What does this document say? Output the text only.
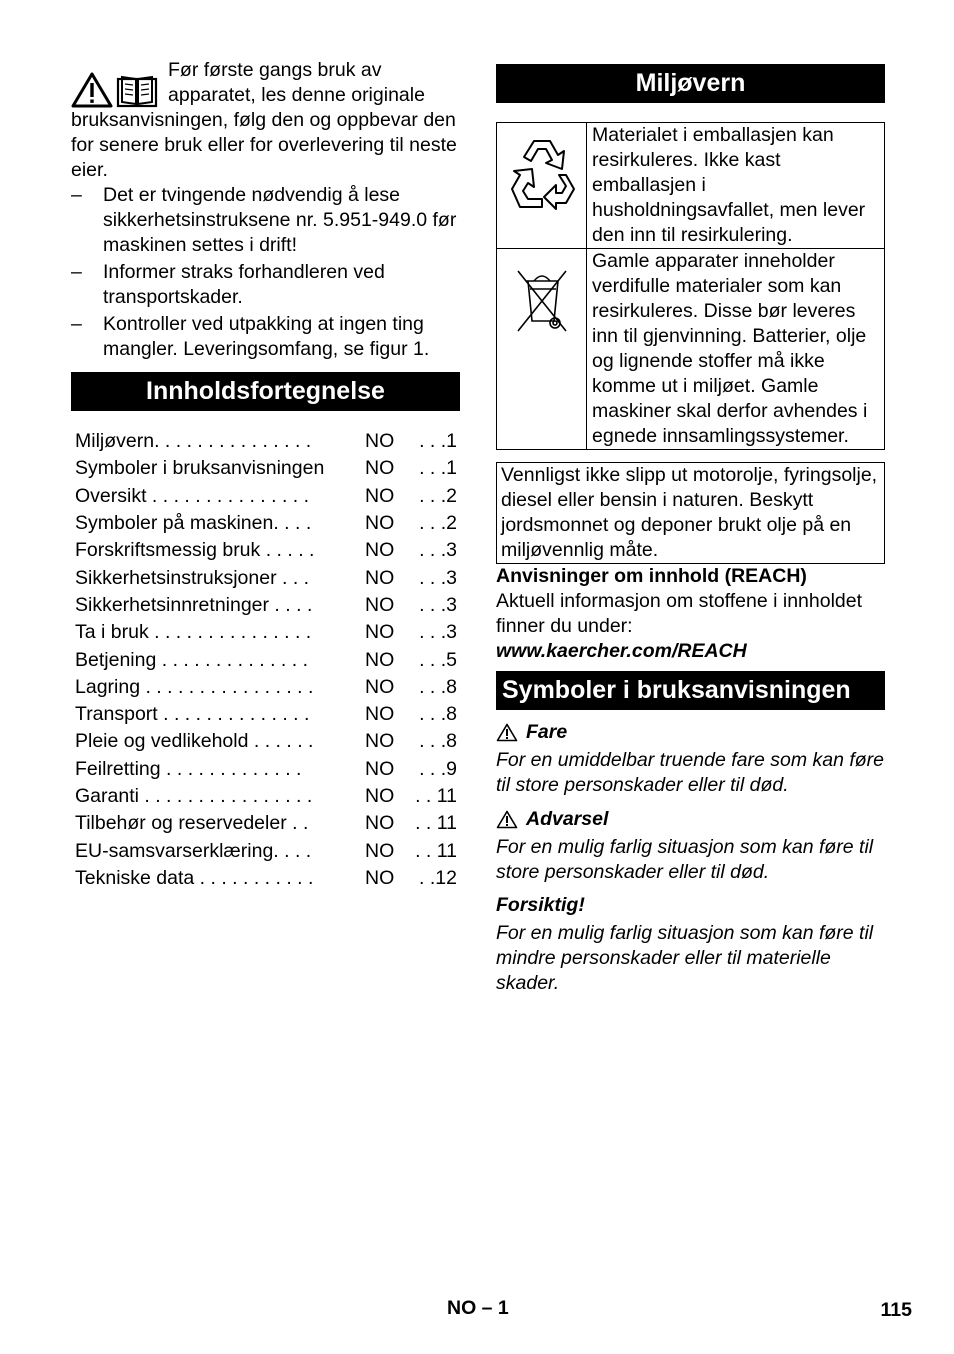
Før første gangs bruk av apparatet, les denne originale bruksanvisningen, følg den og oppbevar den for senere bruk eller for overlevering til neste eier.

– Det er tvingende nødvendig å lese sikkerhetsinstruksene nr. 5.951-949.0 før maskinen settes i drift!
– Informer straks forhandleren ved transportskader.
– Kontroller ved utpakking at ingen ting mangler. Leveringsomfang, se figur 1.
Innholdsfortegnelse
Miljøvern. . . . . . . . . . . . . . .	NO	. . .1
Symboler i bruksanvisningen	NO	. . .1
Oversikt . . . . . . . . . . . . . . .	NO	. . .2
Symboler på maskinen. . . .	NO	. . .2
Forskriftsmessig bruk . . . . .	NO	. . .3
Sikkerhetsinstruksjoner . . .	NO	. . .3
Sikkerhetsinnretninger . . . .	NO	. . .3
Ta i bruk . . . . . . . . . . . . . . .	NO	. . .3
Betjening . . . . . . . . . . . . . .	NO	. . .5
Lagring . . . . . . . . . . . . . . . .	NO	. . .8
Transport . . . . . . . . . . . . . .	NO	. . .8
Pleie og vedlikehold . . . . . .	NO	. . .8
Feilretting . . . . . . . . . . . . .	NO	. . .9
Garanti . . . . . . . . . . . . . . . .	NO	. . 11
Tilbehør og reservedeler . .	NO	. . 11
EU-samsvarserklæring. . . .	NO	. . 11
Tekniske data . . . . . . . . . . .	NO	. .12
Miljøvern
	Materialet i emballasjen kan resirkuleres. Ikke kast emballasjen i husholdningsavfallet, men lever den inn til resirkulering.
	Gamle apparater inneholder verdifulle materialer som kan resirkuleres. Disse bør leveres inn til gjenvinning. Batterier, olje og lignende stoffer må ikke komme ut i miljøet. Gamle maskiner skal derfor avhendes i egnede innsamlingssystemer.
Vennligst ikke slipp ut motorolje, fyringsolje, diesel eller bensin i naturen. Beskytt jordsmonnet og deponer brukt olje på en miljøvennlig måte.
Anvisninger om innhold (REACH)
Aktuell informasjon om stoffene i innholdet finner du under:
www.kaercher.com/REACH
Symboler i bruksanvisningen
Fare

For en umiddelbar truende fare som kan føre til store personskader eller til død.

Advarsel

For en mulig farlig situasjon som kan føre til store personskader eller til død.

Forsiktig!

For en mulig farlig situasjon som kan føre til mindre personskader eller til materielle skader.

NO – 1	115
